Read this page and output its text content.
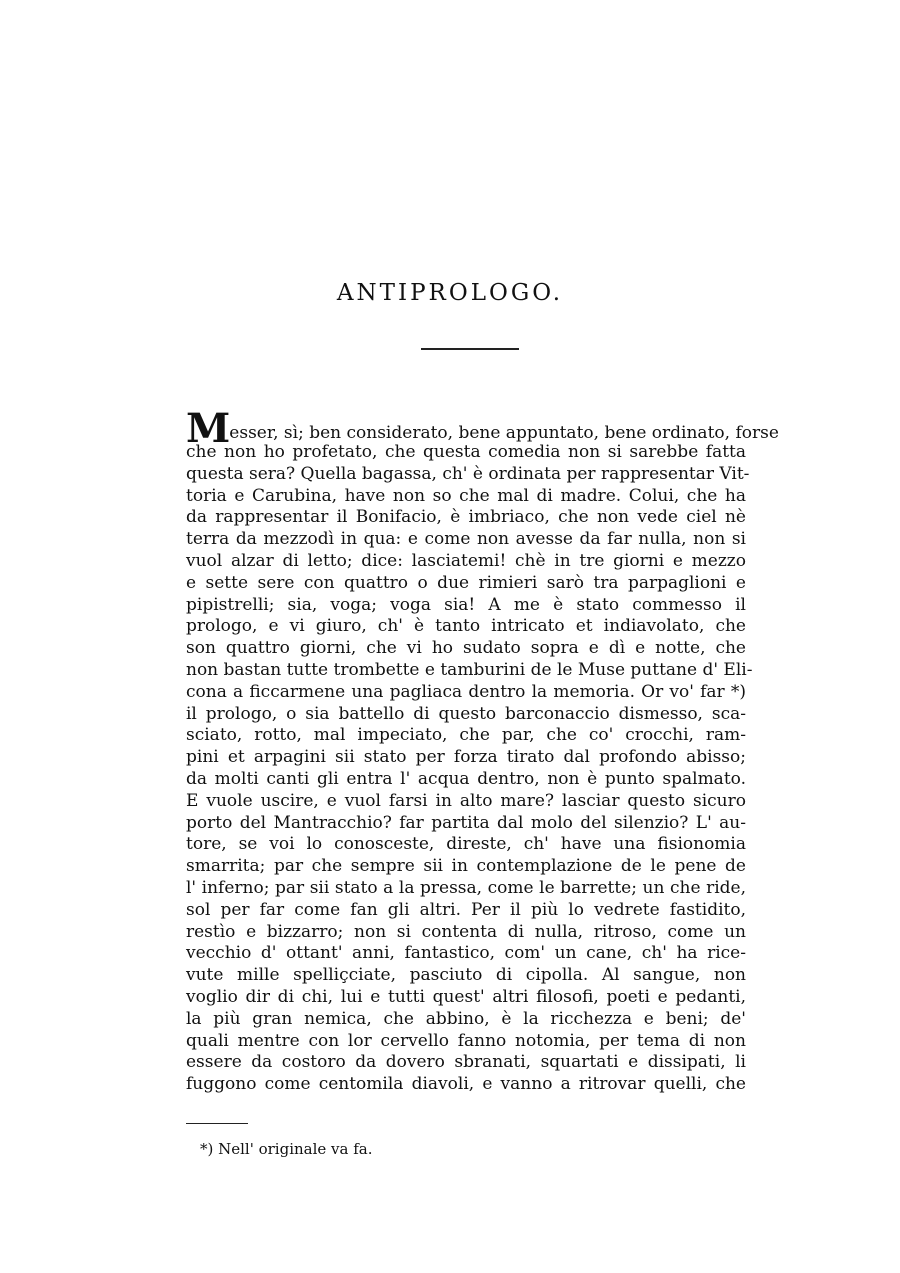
ANTIPROLOGO.
Messer, sì; ben considerato, bene appuntato, bene ordinato, forse
che non ho profetato, che questa comedia non si sarebbe fatta
questa sera? Quella bagassa, ch' è ordinata per rappresentar Vit-
toria e Carubina, have non so che mal di madre. Colui, che ha
da rappresentar il Bonifacio, è imbriaco, che non vede ciel nè
terra da mezzodì in qua: e come non avesse da far nulla, non si
vuol alzar di letto; dice: lasciatemi! chè in tre giorni e mezzo
e sette sere con quattro o due rimieri sarò tra parpaglioni e
pipistrelli; sia, voga; voga sia! A me è stato commesso il
prologo, e vi giuro, ch' è tanto intricato et indiavolato, che
son quattro giorni, che vi ho sudato sopra e dì e notte, che
non bastan tutte trombette e tamburini de le Muse puttane d' Eli-
cona a ficcarmene una pagliaca dentro la memoria. Or vo' far *)
il prologo, o sia battello di questo barconaccio dismesso, sca-
sciato, rotto, mal impeciato, che par, che co' crocchi, ram-
pini et arpagini sii stato per forza tirato dal profondo abisso;
da molti canti gli entra l' acqua dentro, non è punto spalmato.
E vuole uscire, e vuol farsi in alto mare? lasciar questo sicuro
porto del Mantracchio? far partita dal molo del silenzio? L' au-
tore, se voi lo conosceste, direste, ch' have una fisionomia
smarrita; par che sempre sii in contemplazione de le pene de
l' inferno; par sii stato a la pressa, come le barrette; un che ride,
sol per far come fan gli altri. Per il più lo vedrete fastidito,
restìo e bizzarro; non si contenta di nulla, ritroso, come un
vecchio d' ottant' anni, fantastico, com' un cane, ch' ha rice-
vute mille spelliçciate, pasciuto di cipolla. Al sangue, non
voglio dir di chi, lui e tutti quest' altri filosofi, poeti e pedanti,
la più gran nemica, che abbino, è la ricchezza e beni; de'
quali mentre con lor cervello fanno notomia, per tema di non
essere da costoro da dovero sbranati, squartati e dissipati, li
fuggono come centomila diavoli, e vanno a ritrovar quelli, che
*) Nell' originale va fa.
